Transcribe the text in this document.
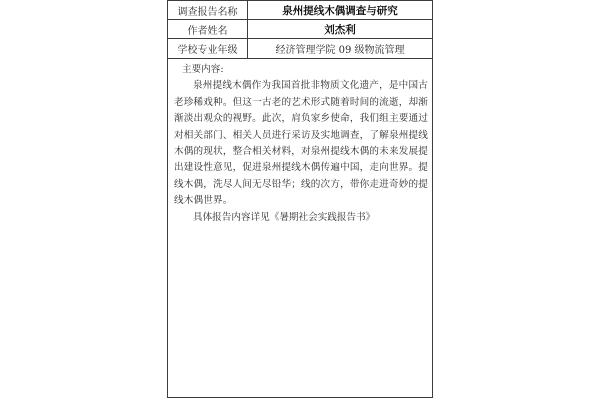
调查报告名称	泉州提线木偶调查与研究
作者姓名	刘杰利
学校专业年级	经济管理学院 09 级物流管理
主要内容:
泉州提线木偶作为我国首批非物质文化遗产，是中国古老珍稀戏种。但这一古老的艺术形式随着时间的流逝，却渐渐淡出观众的视野。此次，肩负家乡使命，我们组主要通过对相关部门、相关人员进行采访及实地调查，了解泉州提线木偶的现状，整合相关材料，对泉州提线木偶的未来发展提出建设性意见，促进泉州提线木偶传遍中国，走向世界。提线木偶，洗尽人间无尽铅华；线的次方，带你走进奇妙的提线木偶世界。
具体报告内容详见《暑期社会实践报告书》
